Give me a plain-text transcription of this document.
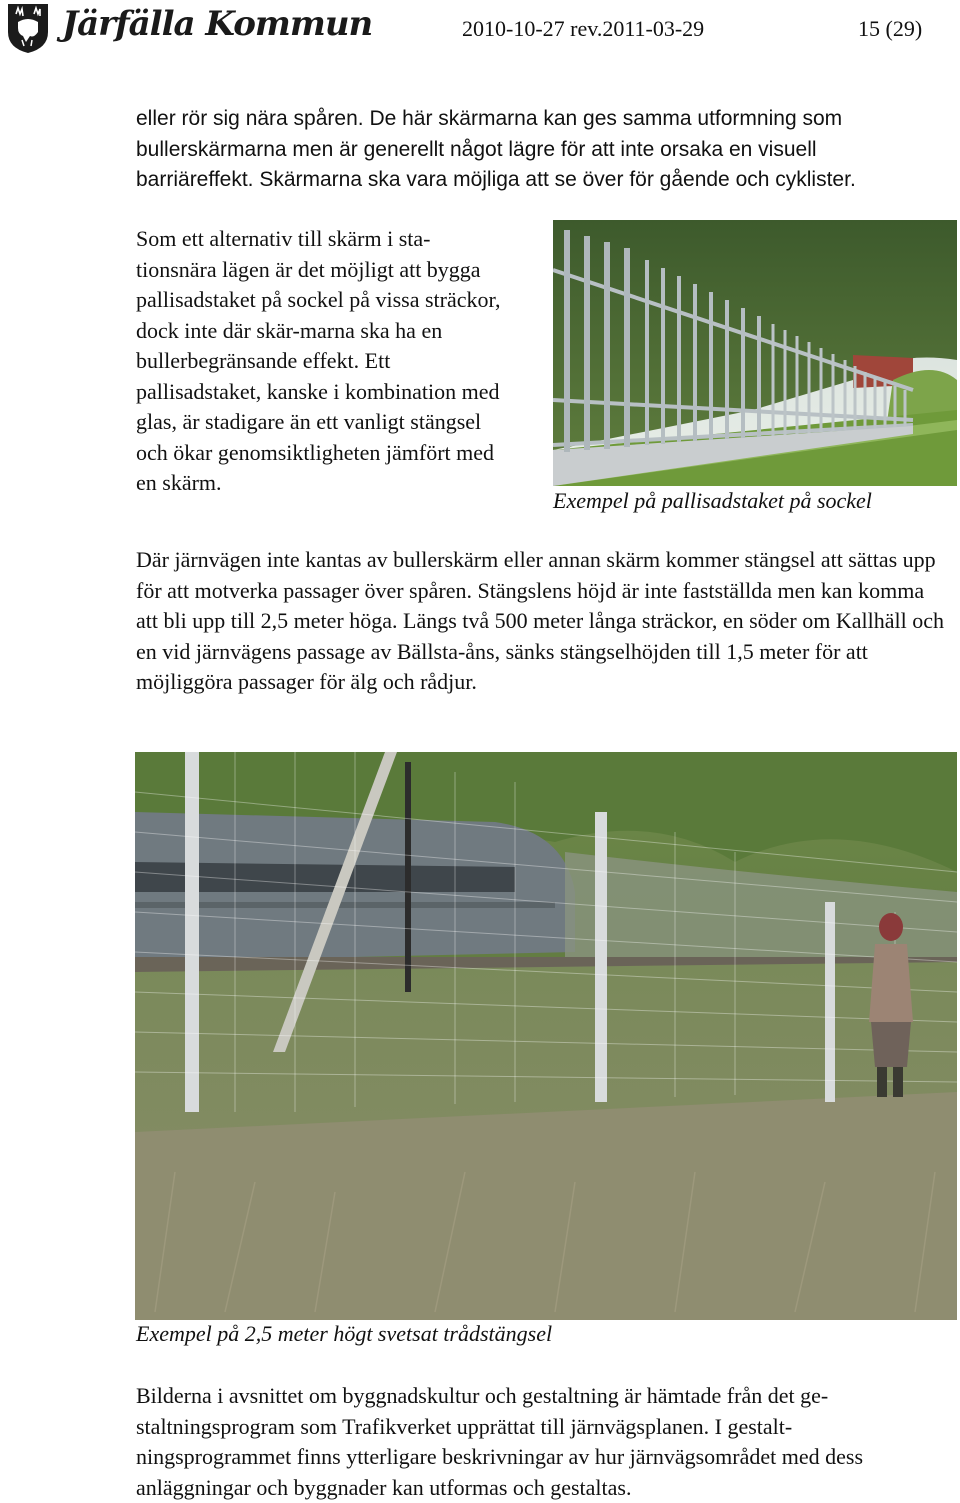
Järfälla Kommun	2010-10-27 rev.2011-03-29	15 (29)

eller rör sig nära spåren. De här skärmarna kan ges samma utformning som bullerskärmarna men är generellt något lägre för att inte orsaka en visuell barriäreffekt. Skärmarna ska vara möjliga att se över för gående och cyklister.

Som ett alternativ till skärm i sta-tionsnära lägen är det möjligt att bygga pallisadstaket på sockel på vissa sträckor, dock inte där skär-marna ska ha en bullerbegränsande effekt. Ett pallisadstaket, kanske i kombination med glas, är stadigare än ett vanligt stängsel och ökar genomsiktligheten jämfört med en skärm.

Exempel på pallisadstaket på sockel

Där järnvägen inte kantas av bullerskärm eller annan skärm kommer stängsel att sättas upp för att motverka passager över spåren. Stängslens höjd är inte fastställda men kan komma att bli upp till 2,5 meter höga. Längs två 500 meter långa sträckor, en söder om Kallhäll och en vid järnvägens passage av Bällsta-åns, sänks stängselhöjden till 1,5 meter för att möjliggöra passager för älg och rådjur.

Exempel på 2,5 meter högt svetsat trådstängsel

Bilderna i avsnittet om byggnadskultur och gestaltning är hämtade från det ge-staltningsprogram som Trafikverket upprättat till järnvägsplanen. I gestalt-ningsprogrammet finns ytterligare beskrivningar av hur järnvägsområdet med dess anläggningar och byggnader kan utformas och gestaltas.
